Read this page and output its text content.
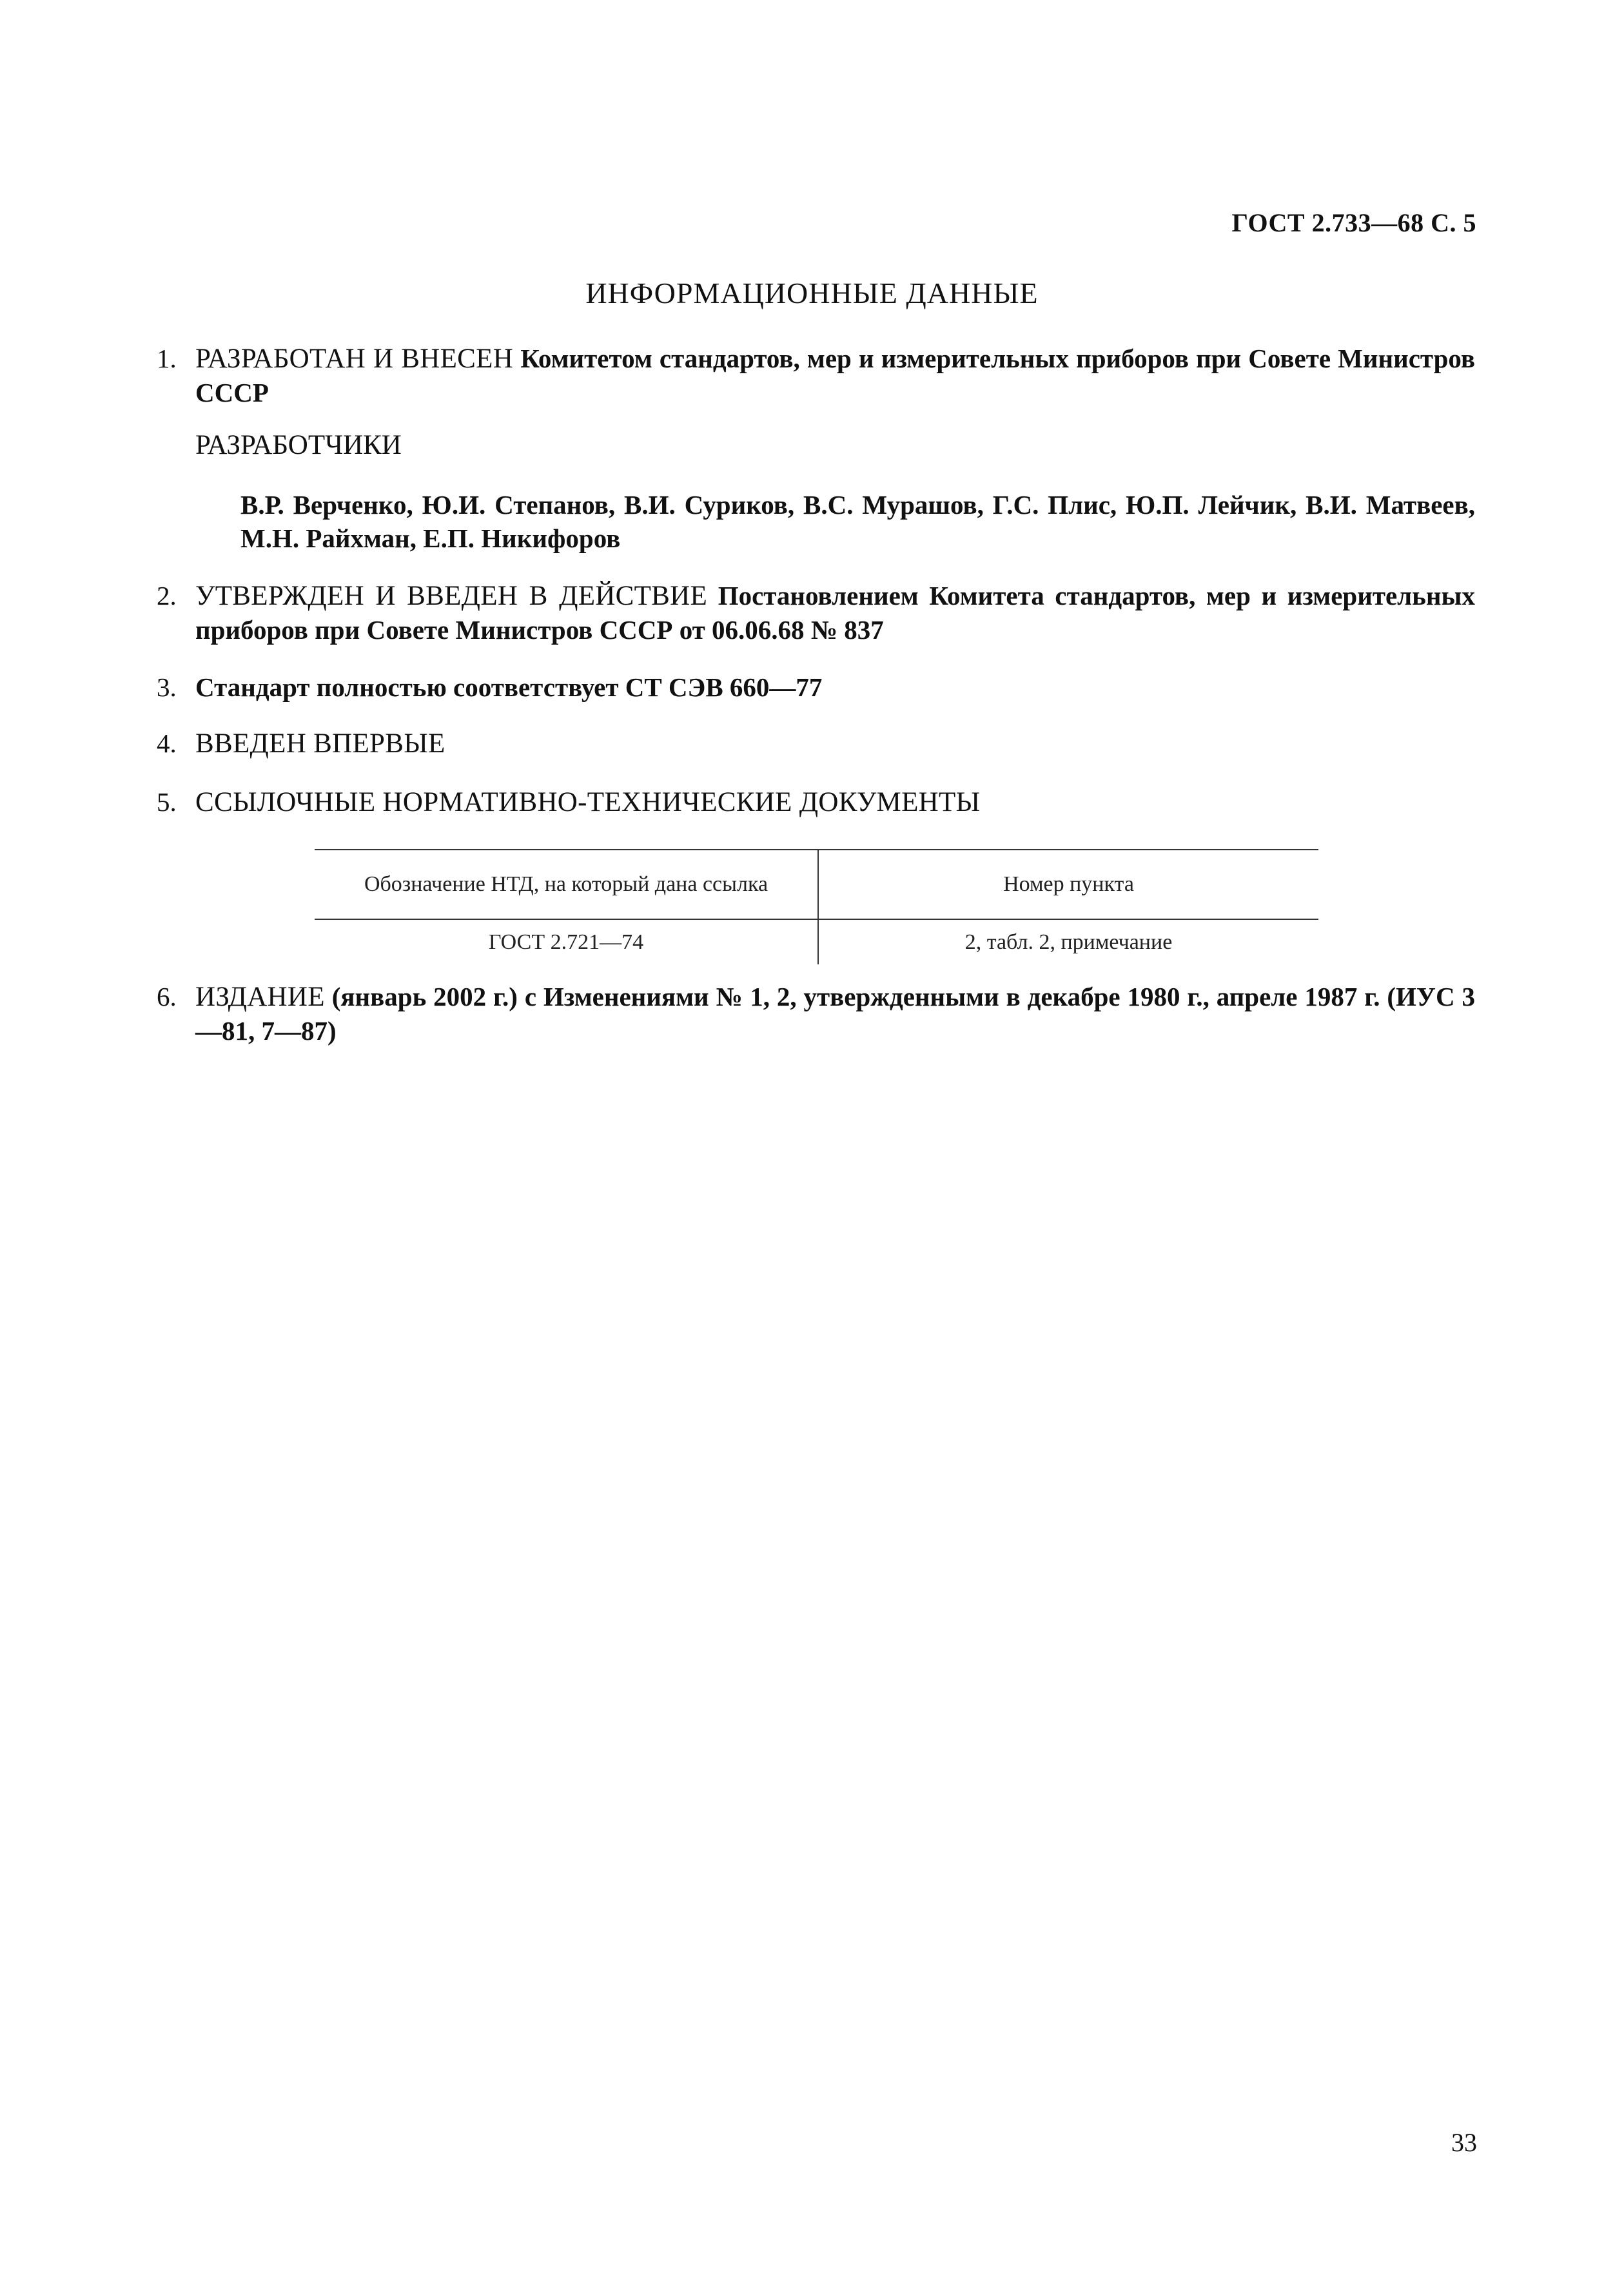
ГОСТ 2.733—68 С. 5
ИНФОРМАЦИОННЫЕ ДАННЫЕ
1. РАЗРАБОТАН И ВНЕСЕН Комитетом стандартов, мер и измерительных приборов при Совете Министров СССР
РАЗРАБОТЧИКИ
В.Р. Верченко, Ю.И. Степанов, В.И. Суриков, В.С. Мурашов, Г.С. Плис, Ю.П. Лейчик, В.И. Матвеев, М.Н. Райхман, Е.П. Никифоров
2. УТВЕРЖДЕН И ВВЕДЕН В ДЕЙСТВИЕ Постановлением Комитета стандартов, мер и измерительных приборов при Совете Министров СССР от 06.06.68 № 837
3. Стандарт полностью соответствует СТ СЭВ 660—77
4. ВВЕДЕН ВПЕРВЫЕ
5. ССЫЛОЧНЫЕ НОРМАТИВНО-ТЕХНИЧЕСКИЕ ДОКУМЕНТЫ
Обозначение НТД, на который дана ссылка	Номер пункта
ГОСТ 2.721—74	2, табл. 2, примечание
6. ИЗДАНИЕ (январь 2002 г.) с Изменениями № 1, 2, утвержденными в декабре 1980 г., апреле 1987 г. (ИУС 3—81, 7—87)
33
